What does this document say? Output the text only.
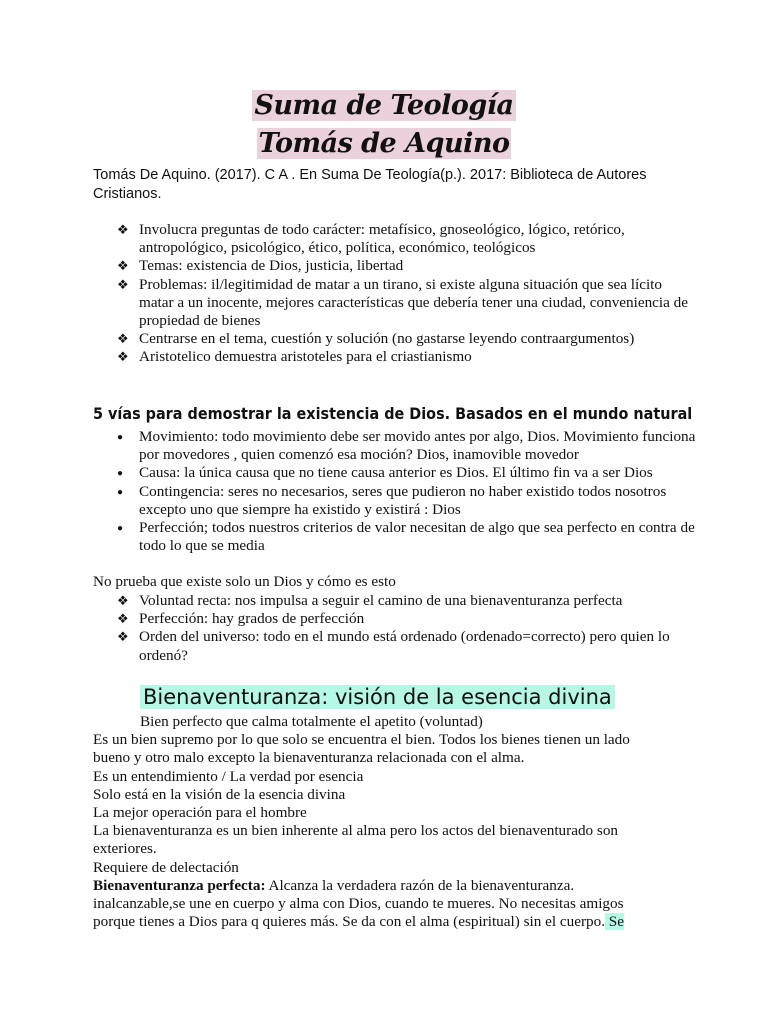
Suma de Teología
Tomás de Aquino
Tomás De Aquino. (2017). C A . En Suma De Teología(p.). 2017: Biblioteca de Autores Cristianos.
❖ Involucra preguntas de todo carácter: metafísico, gnoseológico, lógico, retórico, antropológico, psicológico, ético, política, económico, teológicos
❖ Temas: existencia de Dios, justicia, libertad
❖ Problemas: il/legitimidad de matar a un tirano, si existe alguna situación que sea lícito matar a un inocente, mejores características que debería tener una ciudad, conveniencia de propiedad de bienes
❖ Centrarse en el tema, cuestión y solución (no gastarse leyendo contraargumentos)
❖ Aristotelico demuestra aristoteles para el criastianismo
5 vías para demostrar la existencia de Dios. Basados en el mundo natural
● Movimiento: todo movimiento debe ser movido antes por algo, Dios. Movimiento funciona por movedores , quien comenzó esa moción? Dios, inamovible movedor
● Causa: la única causa que no tiene causa anterior es Dios. El último fin va a ser Dios
● Contingencia: seres no necesarios, seres que pudieron no haber existido todos nosotros excepto uno que siempre ha existido y existirá : Dios
● Perfección; todos nuestros criterios de valor necesitan de algo que sea perfecto en contra de todo lo que se media
No prueba que existe solo un Dios y cómo es esto
❖ Voluntad recta: nos impulsa a seguir el camino de una bienaventuranza perfecta
❖ Perfección: hay grados de perfección
❖ Orden del universo: todo en el mundo está ordenado (ordenado=correcto) pero quien lo ordenó?
Bienaventuranza: visión de la esencia divina
Bien perfecto que calma totalmente el apetito (voluntad)
Es un bien supremo por lo que solo se encuentra el bien. Todos los bienes tienen un lado bueno y otro malo excepto la bienaventuranza relacionada con el alma.
Es un entendimiento / La verdad por esencia
Solo está en la visión de la esencia divina
La mejor operación para el hombre
La bienaventuranza es un bien inherente al alma pero los actos del bienaventurado son exteriores.
Requiere de delectación
Bienaventuranza perfecta: Alcanza la verdadera razón de la bienaventuranza. inalcanzable,se une en cuerpo y alma con Dios, cuando te mueres. No necesitas amigos porque tienes a Dios para q quieres más. Se da con el alma (espiritual) sin el cuerpo. Se
